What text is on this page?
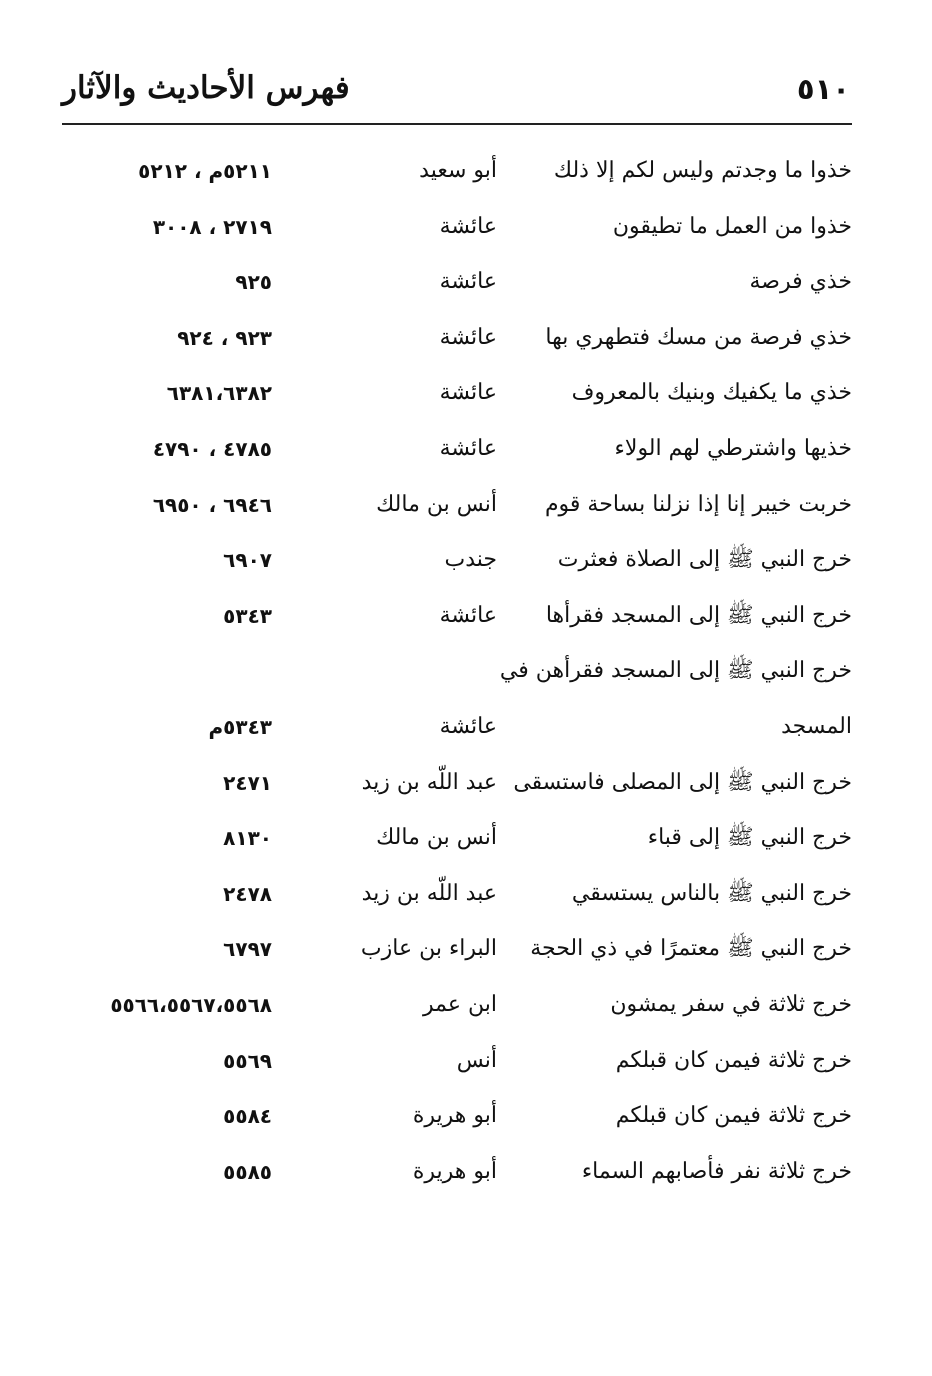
فهرس الأحاديث والآثار	٥١٠
خذوا ما وجدتم وليس لكم إلا ذلك
أبو سعيد
٥٢١١م ، ٥٢١٢
خذوا من العمل ما تطيقون
عائشة
٢٧١٩ ، ٣٠٠٨
خذي فرصة
عائشة
٩٢٥
خذي فرصة من مسك فتطهري بها
عائشة
٩٢٣ ، ٩٢٤
خذي ما يكفيك وبنيك بالمعروف
عائشة
٦٣٨١،٦٣٨٢
خذيها واشترطي لهم الولاء
عائشة
٤٧٨٥ ، ٤٧٩٠
خربت خيبر إنا إذا نزلنا بساحة قوم
أنس بن مالك
٦٩٤٦ ، ٦٩٥٠
خرج النبي ﷺ إلى الصلاة فعثرت
جندب
٦٩٠٧
خرج النبي ﷺ إلى المسجد فقرأها
عائشة
٥٣٤٣
خرج النبي ﷺ إلى المسجد فقرأهن في
المسجد
عائشة
٥٣٤٣م
خرج النبي ﷺ إلى المصلى فاستسقى
عبد اللّه بن زيد
٢٤٧١
خرج النبي ﷺ إلى قباء
أنس بن مالك
٨١٣٠
خرج النبي ﷺ بالناس يستسقي
عبد اللّه بن زيد
٢٤٧٨
خرج النبي ﷺ معتمرًا في ذي الحجة
البراء بن عازب
٦٧٩٧
خرج ثلاثة في سفر يمشون
ابن عمر
٥٥٦٦،٥٥٦٧،٥٥٦٨
خرج ثلاثة فيمن كان قبلكم
أنس
٥٥٦٩
خرج ثلاثة فيمن كان قبلكم
أبو هريرة
٥٥٨٤
خرج ثلاثة نفر فأصابهم السماء
أبو هريرة
٥٥٨٥
